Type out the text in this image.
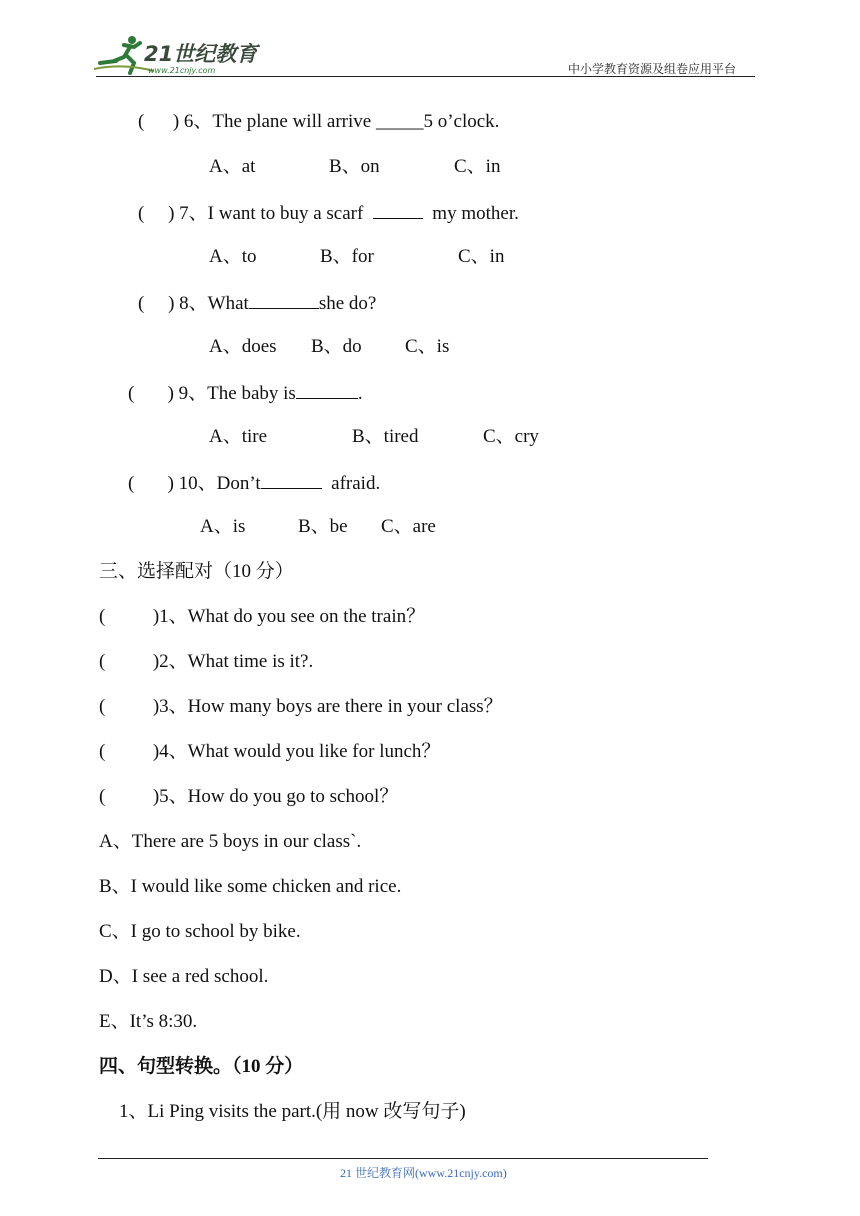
21世纪教育
www.21cnjy.com	中小学教育资源及组卷应用平台
(      ) 6、The plane will arrive _____5 o’clock.
A、at	B、on	C、in
(     ) 7、I want to buy a scarf	my mother.
A、to	B、for	C、in
(     ) 8、What	she do?
A、does B、do C、is
(       ) 9、The baby is	.
A、tire	B、tired	C、cry
(       ) 10、Don’t	afraid.
A、is	B、be C、are
三、选择配对（10 分）
(          )1、What do you see on the train？
(          )2、What time is it?.
(          )3、How many boys are there in your class？
(          )4、What would you like for lunch？
(          )5、How do you go to school？
A、There are 5 boys in our class`.
B、I would like some chicken and rice.
C、I go to school by bike.
D、I see a red school.
E、It’s 8:30.
四、句型转换。（10 分）
1、Li Ping visits the part.(用 now 改写句子)
21 世纪教育网(www.21cnjy.com)
